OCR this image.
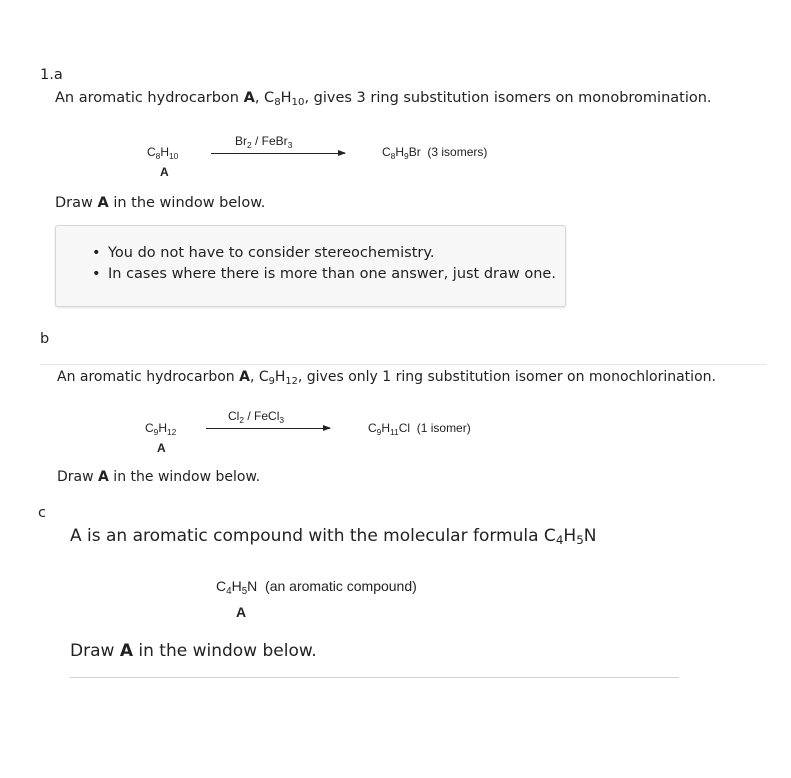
1.a
An aromatic hydrocarbon A, $C_8H_{10}$, gives 3 ring substitution isomers on monobromination.
$C_8H_{10}$
A
$Br_2$ / FeBr$_3$	$C_8H_9Br$  (3 isomers)
Draw A in the window below.
• You do not have to consider stereochemistry.
• In cases where there is more than one answer, just draw one.
b
An aromatic hydrocarbon A, $C_9H_{12}$, gives only 1 ring substitution isomer on monochlorination.
$C_9H_{12}$
A
$Cl_2$ / FeCl$_3$
$C_9H_{11}Cl$  (1 isomer)
Draw A in the window below.
c
A is an aromatic compound with the molecular formula $C_4H_5N$
$C_4H_5N$  (an aromatic compound)
A
Draw A in the window below.
